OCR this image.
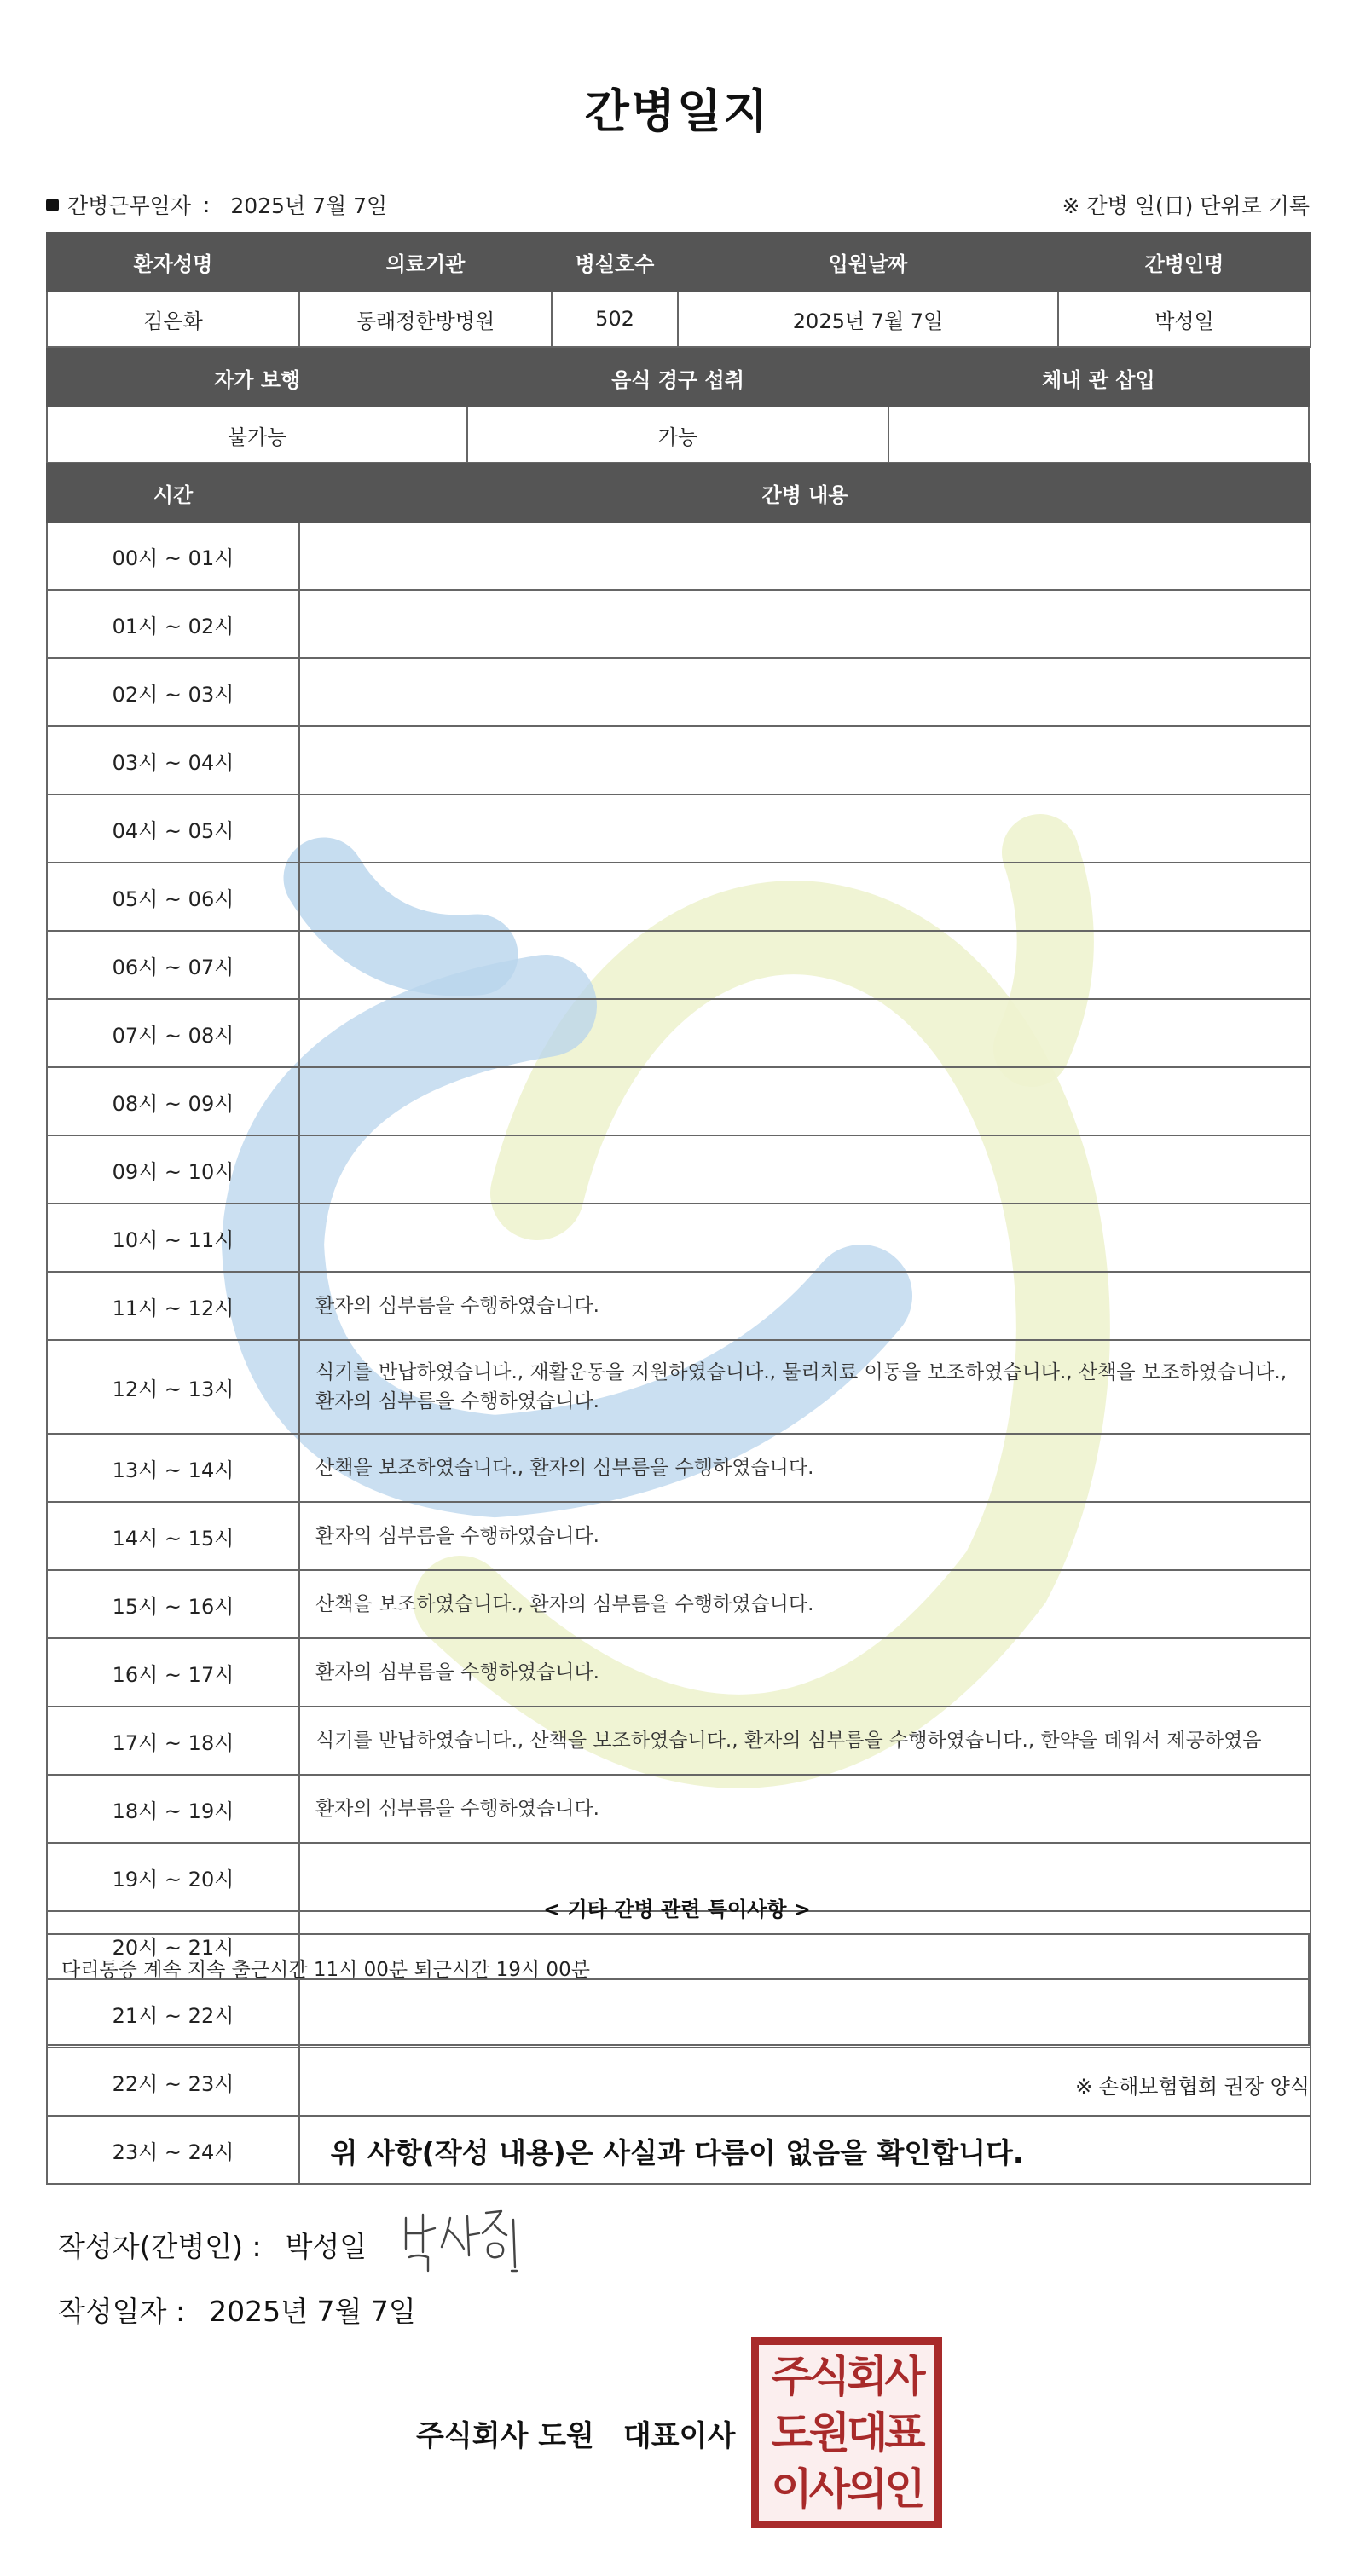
간병일지
간병근무일자 : 2025년 7월 7일	※ 간병 일(日) 단위로 기록
환자성명	의료기관	병실호수	입원날짜	간병인명
김은화	동래정한방병원	502	2025년 7월 7일	박성일
자가 보행	음식 경구 섭취	체내 관 삽입
불가능	가능	
시간	간병 내용
00시 ~ 01시	
01시 ~ 02시	
02시 ~ 03시	
03시 ~ 04시	
04시 ~ 05시	
05시 ~ 06시	
06시 ~ 07시	
07시 ~ 08시	
08시 ~ 09시	
09시 ~ 10시	
10시 ~ 11시	
11시 ~ 12시	환자의 심부름을 수행하였습니다.
12시 ~ 13시	식기를 반납하였습니다., 재활운동을 지원하였습니다., 물리치료 이동을 보조하였습니다., 산책을 보조하였습니다., 환자의 심부름을 수행하였습니다.
13시 ~ 14시	산책을 보조하였습니다., 환자의 심부름을 수행하였습니다.
14시 ~ 15시	환자의 심부름을 수행하였습니다.
15시 ~ 16시	산책을 보조하였습니다., 환자의 심부름을 수행하였습니다.
16시 ~ 17시	환자의 심부름을 수행하였습니다.
17시 ~ 18시	식기를 반납하였습니다., 산책을 보조하였습니다., 환자의 심부름을 수행하였습니다., 한약을 데워서 제공하였음
18시 ~ 19시	환자의 심부름을 수행하였습니다.
19시 ~ 20시	
20시 ~ 21시	
21시 ~ 22시	
22시 ~ 23시	
23시 ~ 24시	
< 기타 간병 관련 특이사항 >
다리통증 계속 지속 출근시간 11시 00분 퇴근시간 19시 00분
※ 손해보험협회 권장 양식
위 사항(작성 내용)은 사실과 다름이 없음을 확인합니다.
작성자(간병인) : 박성일
작성일자 : 2025년 7월 7일
주식회사 도원 대표이사
주식회사
도원대표
이사의인
